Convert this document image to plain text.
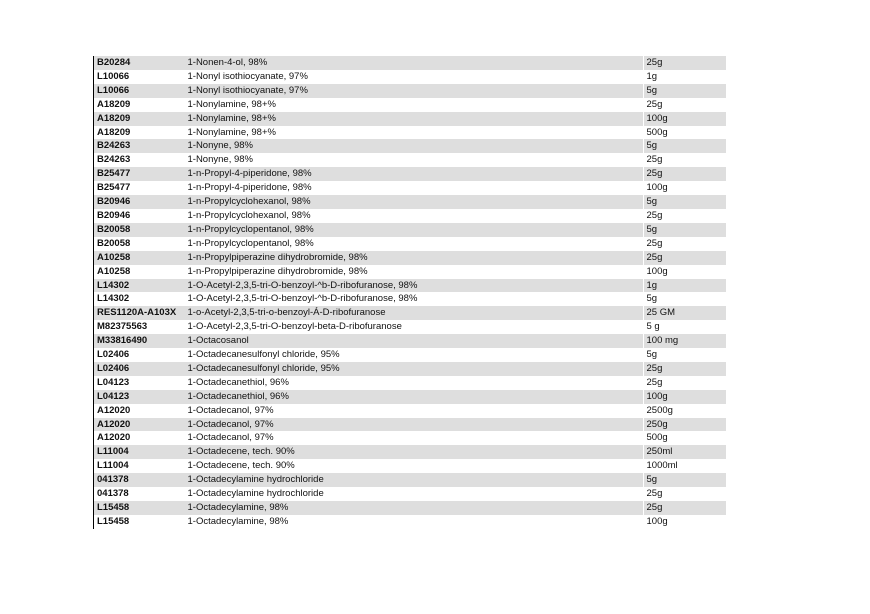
B20284	1-Nonen-4-ol, 98%	25g
L10066	1-Nonyl isothiocyanate, 97%	1g
L10066	1-Nonyl isothiocyanate, 97%	5g
A18209	1-Nonylamine, 98+%	25g
A18209	1-Nonylamine, 98+%	100g
A18209	1-Nonylamine, 98+%	500g
B24263	1-Nonyne, 98%	5g
B24263	1-Nonyne, 98%	25g
B25477	1-n-Propyl-4-piperidone, 98%	25g
B25477	1-n-Propyl-4-piperidone, 98%	100g
B20946	1-n-Propylcyclohexanol, 98%	5g
B20946	1-n-Propylcyclohexanol, 98%	25g
B20058	1-n-Propylcyclopentanol, 98%	5g
B20058	1-n-Propylcyclopentanol, 98%	25g
A10258	1-n-Propylpiperazine dihydrobromide, 98%	25g
A10258	1-n-Propylpiperazine dihydrobromide, 98%	100g
L14302	1-O-Acetyl-2,3,5-tri-O-benzoyl-^b-D-ribofuranose, 98%	1g
L14302	1-O-Acetyl-2,3,5-tri-O-benzoyl-^b-D-ribofuranose, 98%	5g
RES1120A-A103X	1-o-Acetyl-2,3,5-tri-o-benzoyl-Á-D-ribofuranose	25 GM
M82375563	1-O-Acetyl-2,3,5-tri-O-benzoyl-beta-D-ribofuranose	5 g
M33816490	1-Octacosanol	100 mg
L02406	1-Octadecanesulfonyl chloride, 95%	5g
L02406	1-Octadecanesulfonyl chloride, 95%	25g
L04123	1-Octadecanethiol, 96%	25g
L04123	1-Octadecanethiol, 96%	100g
A12020	1-Octadecanol, 97%	2500g
A12020	1-Octadecanol, 97%	250g
A12020	1-Octadecanol, 97%	500g
L11004	1-Octadecene, tech. 90%	250ml
L11004	1-Octadecene, tech. 90%	1000ml
041378	1-Octadecylamine hydrochloride	5g
041378	1-Octadecylamine hydrochloride	25g
L15458	1-Octadecylamine, 98%	25g
L15458	1-Octadecylamine, 98%	100g
